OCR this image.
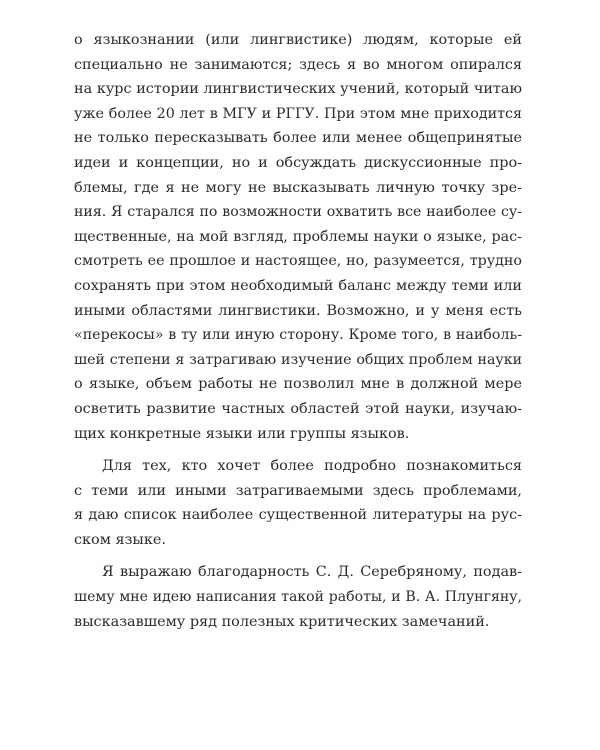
о языкознании (или лингвистике) людям, которые ей
специально не занимаются; здесь я во многом опирался
на курс истории лингвистических учений, который читаю
уже более 20 лет в МГУ и РГГУ. При этом мне приходится
не только пересказывать более или менее общепринятые
идеи и концепции, но и обсуждать дискуссионные про-
блемы, где я не могу не высказывать личную точку зре-
ния. Я старался по возможности охватить все наиболее су-
щественные, на мой взгляд, проблемы науки о языке, рас-
смотреть ее прошлое и настоящее, но, разумеется, трудно
сохранять при этом необходимый баланс между теми или
иными областями лингвистики. Возможно, и у меня есть
«перекосы» в ту или иную сторону. Кроме того, в наиболь-
шей степени я затрагиваю изучение общих проблем науки
о языке, объем работы не позволил мне в должной мере
осветить развитие частных областей этой науки, изучаю-
щих конкретные языки или группы языков.
Для тех, кто хочет более подробно познакомиться
с теми или иными затрагиваемыми здесь проблемами,
я даю список наиболее существенной литературы на рус-
ском языке.
Я выражаю благодарность С. Д. Серебряному, подав-
шему мне идею написания такой работы, и В. А. Плунгяну,
высказавшему ряд полезных критических замечаний.
